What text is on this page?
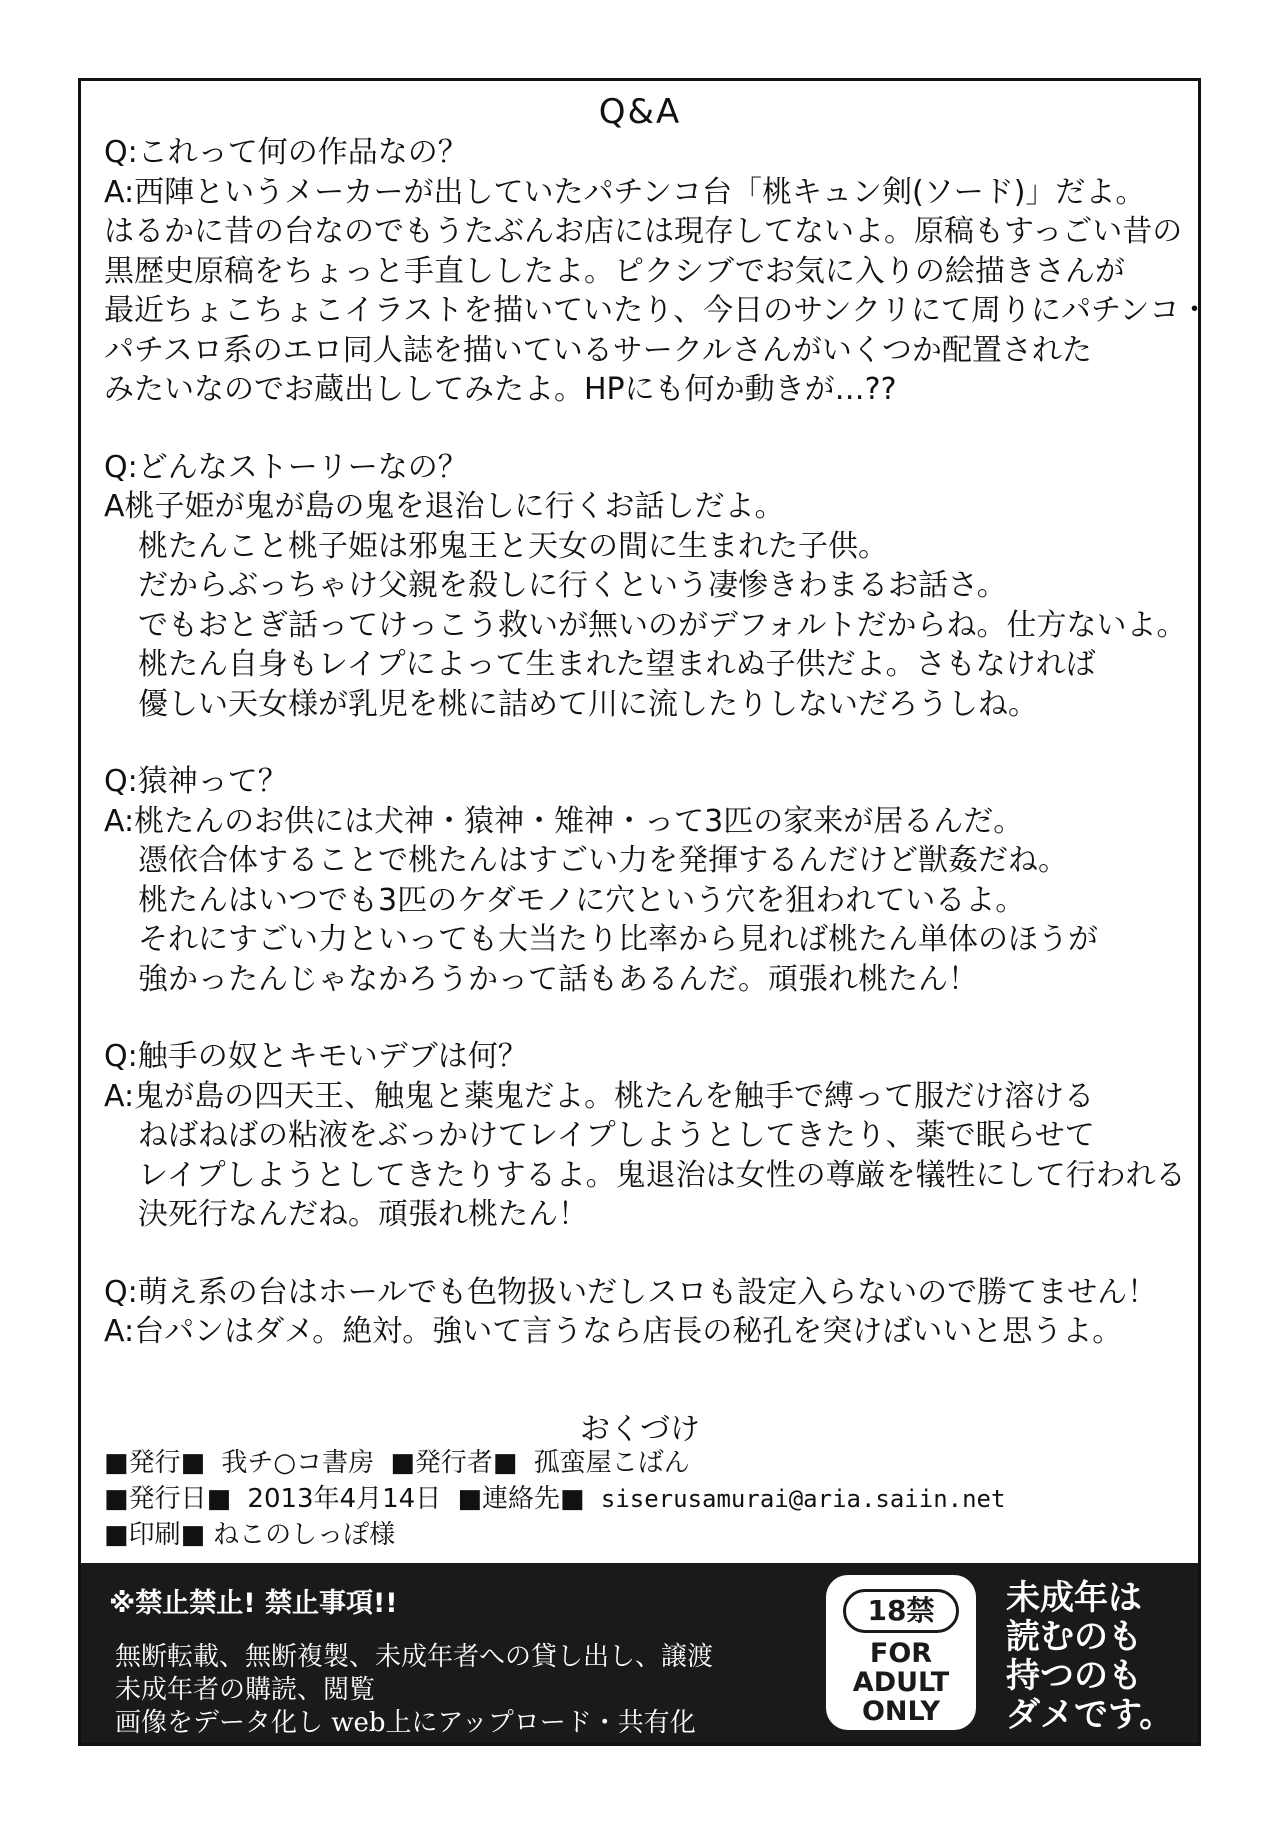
Q&A
Q:これって何の作品なの？
A:西陣というメーカーが出していたパチンコ台「桃キュン剣(ソード)」だよ。
はるかに昔の台なのでもうたぶんお店には現存してないよ。原稿もすっごい昔の
黒歴史原稿をちょっと手直ししたよ。ピクシブでお気に入りの絵描きさんが
最近ちょこちょこイラストを描いていたり、今日のサンクリにて周りにパチンコ・
パチスロ系のエロ同人誌を描いているサークルさんがいくつか配置された
みたいなのでお蔵出ししてみたよ。HPにも何か動きが…??
Q:どんなストーリーなの？
A桃子姫が鬼が島の鬼を退治しに行くお話しだよ。
桃たんこと桃子姫は邪鬼王と天女の間に生まれた子供。
だからぶっちゃけ父親を殺しに行くという凄惨きわまるお話さ。
でもおとぎ話ってけっこう救いが無いのがデフォルトだからね。仕方ないよ。
桃たん自身もレイプによって生まれた望まれぬ子供だよ。さもなければ
優しい天女様が乳児を桃に詰めて川に流したりしないだろうしね。
Q:猿神って？
A:桃たんのお供には犬神・猿神・雉神・って3匹の家来が居るんだ。
憑依合体することで桃たんはすごい力を発揮するんだけど獣姦だね。
桃たんはいつでも3匹のケダモノに穴という穴を狙われているよ。
それにすごい力といっても大当たり比率から見れば桃たん単体のほうが
強かったんじゃなかろうかって話もあるんだ。頑張れ桃たん！
Q:触手の奴とキモいデブは何？
A:鬼が島の四天王、触鬼と薬鬼だよ。桃たんを触手で縛って服だけ溶ける
ねばねばの粘液をぶっかけてレイプしようとしてきたり、薬で眠らせて
レイプしようとしてきたりするよ。鬼退治は女性の尊厳を犠牲にして行われる
決死行なんだね。頑張れ桃たん！
Q:萌え系の台はホールでも色物扱いだしスロも設定入らないので勝てません！
A:台パンはダメ。絶対。強いて言うなら店長の秘孔を突けばいいと思うよ。
おくづけ
■発行■ 我チ○コ書房 ■発行者■ 孤蛮屋こばん
■発行日■ 2013年4月14日 ■連絡先■ siserusamurai@aria.saiin.net
■印刷■ ねこのしっぽ様
※禁止禁止! 禁止事項!!
無断転載、無断複製、未成年者への貸し出し、譲渡
未成年者の購読、閲覧
画像をデータ化し web上にアップロード・共有化
18禁
FOR
ADULT
ONLY
未成年は
読むのも
持つのも
ダメです。
